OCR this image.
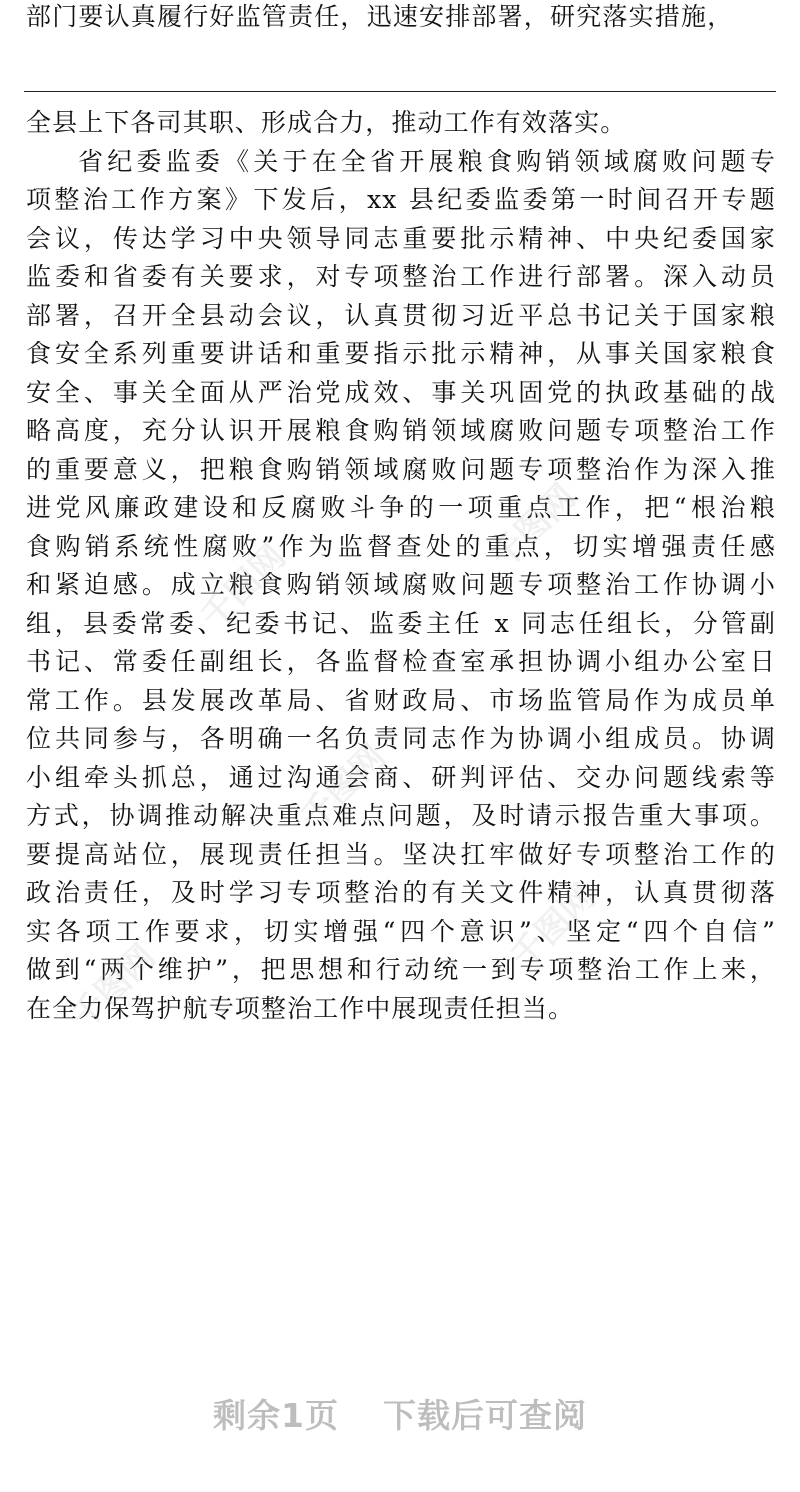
部门要认真履行好监管责任，迅速安排部署，研究落实措施，
全县上下各司其职、形成合力，推动工作有效落实。
省纪委监委《关于在全省开展粮食购销领域腐败问题专
项整治工作方案》下发后，xx 县纪委监委第一时间召开专题
会议，传达学习中央领导同志重要批示精神、中央纪委国家
监委和省委有关要求，对专项整治工作进行部署。深入动员
部署，召开全县动会议，认真贯彻习近平总书记关于国家粮
食安全系列重要讲话和重要指示批示精神，从事关国家粮食
安全、事关全面从严治党成效、事关巩固党的执政基础的战
略高度，充分认识开展粮食购销领域腐败问题专项整治工作
的重要意义，把粮食购销领域腐败问题专项整治作为深入推
进党风廉政建设和反腐败斗争的一项重点工作，把“根治粮
食购销系统性腐败”作为监督查处的重点，切实增强责任感
和紧迫感。成立粮食购销领域腐败问题专项整治工作协调小
组，县委常委、纪委书记、监委主任 x 同志任组长，分管副
书记、常委任副组长，各监督检查室承担协调小组办公室日
常工作。县发展改革局、省财政局、市场监管局作为成员单
位共同参与，各明确一名负责同志作为协调小组成员。协调
小组牵头抓总，通过沟通会商、研判评估、交办问题线索等
方式，协调推动解决重点难点问题，及时请示报告重大事项。
要提高站位，展现责任担当。坚决扛牢做好专项整治工作的
政治责任，及时学习专项整治的有关文件精神，认真贯彻落
实各项工作要求，切实增强“四个意识”、坚定“四个自信”
做到“两个维护”，把思想和行动统一到专项整治工作上来，
在全力保驾护航专项整治工作中展现责任担当。
千图网
千图网
千图网
千图网
千图网
剩余1页 下载后可查阅
